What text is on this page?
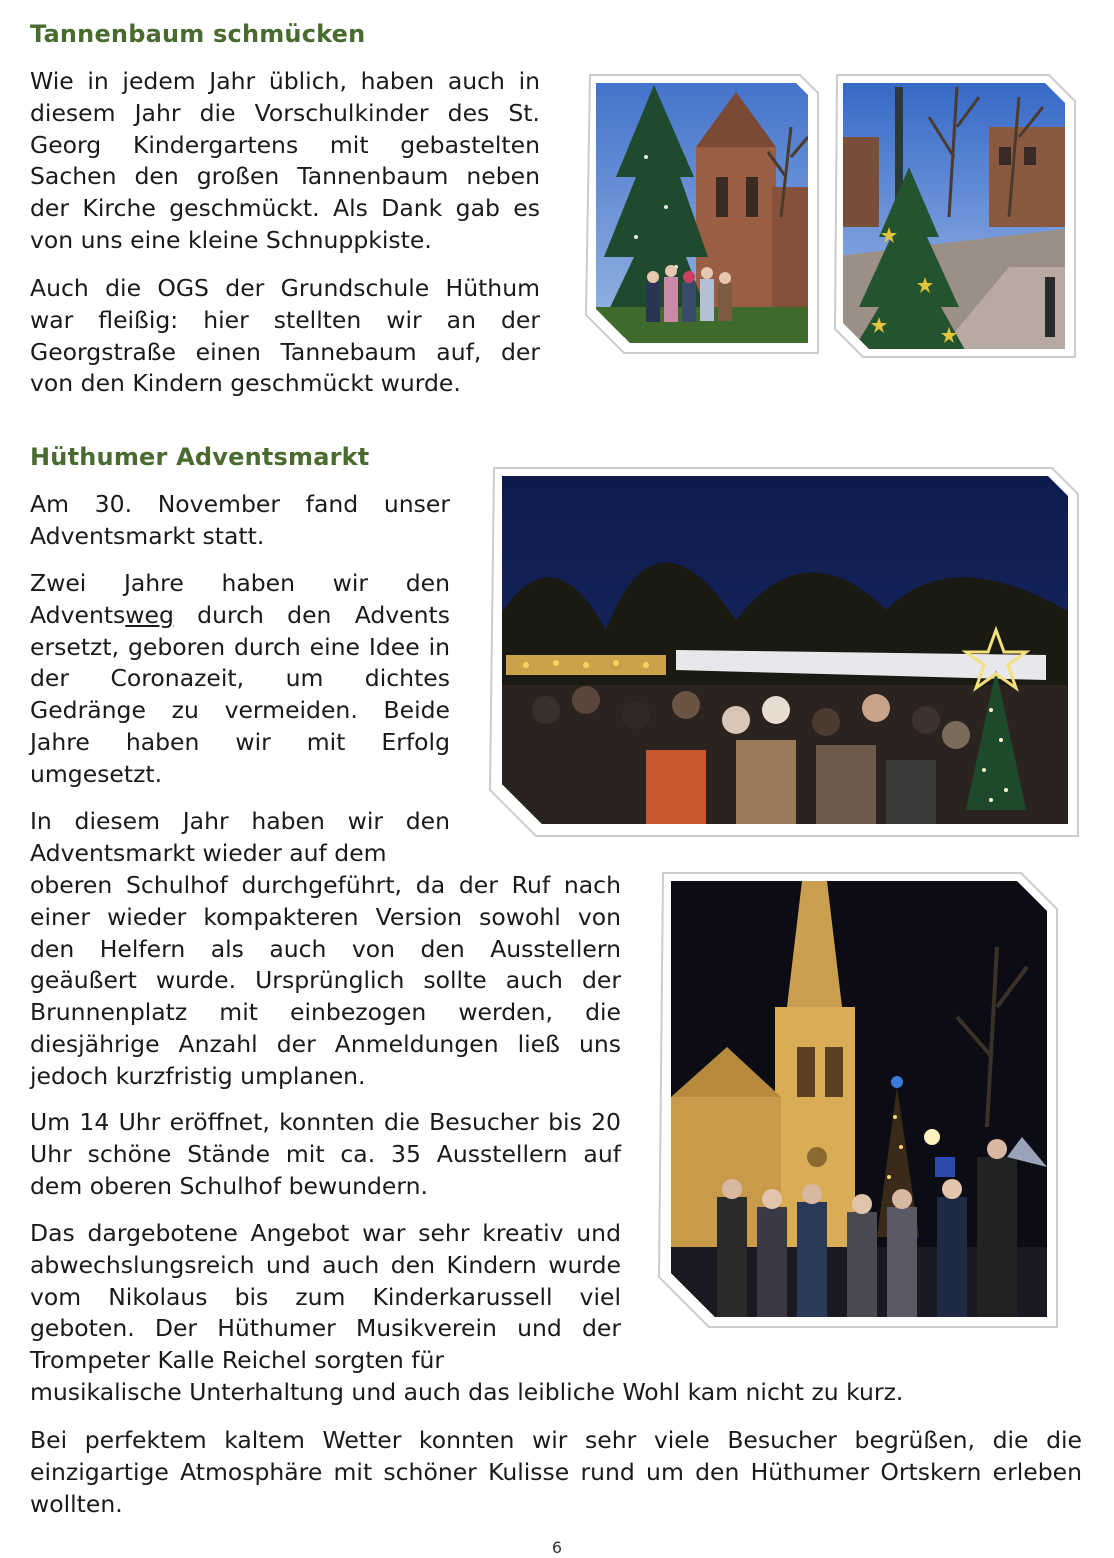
Tannenbaum schmücken

Wie in jedem Jahr üblich, haben auch in diesem Jahr die Vorschulkinder des St. Georg Kindergartens mit gebastelten Sachen den großen Tannenbaum neben der Kirche geschmückt. Als Dank gab es von uns eine kleine Schnuppkiste.

Auch die OGS der Grundschule Hüthum war fleißig: hier stellten wir an der Georgstraße einen Tannebaum auf, der von den Kindern geschmückt wurde.

Hüthumer Adventsmarkt

Am 30. November fand unser Adventsmarkt statt.

Zwei Jahre haben wir den Adventsweg durch den Advents ersetzt, geboren durch eine Idee in der Coronazeit, um dichtes Gedränge zu vermeiden. Beide Jahre haben wir mit Erfolg umgesetzt.

In diesem Jahr haben wir den Adventsmarkt wieder auf dem

oberen Schulhof durchgeführt, da der Ruf nach einer wieder kompakteren Version sowohl von den Helfern als auch von den Ausstellern geäußert wurde. Ursprünglich sollte auch der Brunnenplatz mit einbezogen werden, die diesjährige Anzahl der Anmeldungen ließ uns jedoch kurzfristig umplanen.

Um 14 Uhr eröffnet, konnten die Besucher bis 20 Uhr schöne Stände mit ca. 35 Ausstellern auf dem oberen Schulhof bewundern.

Das dargebotene Angebot war sehr kreativ und abwechslungsreich und auch den Kindern wurde vom Nikolaus bis zum Kinderkarussell viel geboten. Der Hüthumer Musikverein und der Trompeter Kalle Reichel sorgten für

musikalische Unterhaltung und auch das leibliche Wohl kam nicht zu kurz.

Bei perfektem kaltem Wetter konnten wir sehr viele Besucher begrüßen, die die einzigartige Atmosphäre mit schöner Kulisse rund um den Hüthumer Ortskern erleben wollten.

6
